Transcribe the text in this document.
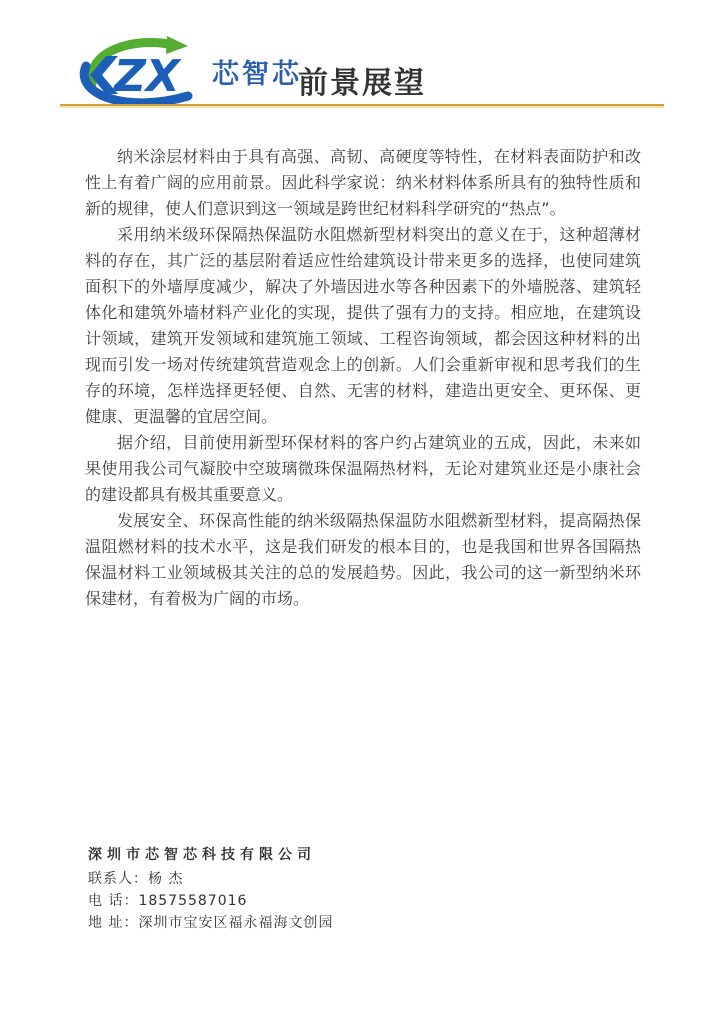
ZX 芯智芯
前景展望

纳米涂层材料由于具有高强、高韧、高硬度等特性，在材料表面防护和改性上有着广阔的应用前景。因此科学家说：纳米材料体系所具有的独特性质和新的规律，使人们意识到这一领域是跨世纪材料科学研究的“热点”。

采用纳米级环保隔热保温防水阻燃新型材料突出的意义在于，这种超薄材料的存在，其广泛的基层附着适应性给建筑设计带来更多的选择，也使同建筑面积下的外墙厚度减少，解决了外墙因进水等各种因素下的外墙脱落、建筑轻体化和建筑外墙材料产业化的实现，提供了强有力的支持。相应地，在建筑设计领域，建筑开发领域和建筑施工领域、工程咨询领域，都会因这种材料的出现而引发一场对传统建筑营造观念上的创新。人们会重新审视和思考我们的生存的环境，怎样选择更轻便、自然、无害的材料，建造出更安全、更环保、更健康、更温馨的宜居空间。

据介绍，目前使用新型环保材料的客户约占建筑业的五成，因此，未来如果使用我公司气凝胶中空玻璃微珠保温隔热材料，无论对建筑业还是小康社会的建设都具有极其重要意义。

发展安全、环保高性能的纳米级隔热保温防水阻燃新型材料，提高隔热保温阻燃材料的技术水平，这是我们研发的根本目的，也是我国和世界各国隔热保温材料工业领域极其关注的总的发展趋势。因此，我公司的这一新型纳米环保建材，有着极为广阔的市场。

深圳市芯智芯科技有限公司
联系人：杨 杰
电 话：18575587016
地 址：深圳市宝安区福永福海文创园
